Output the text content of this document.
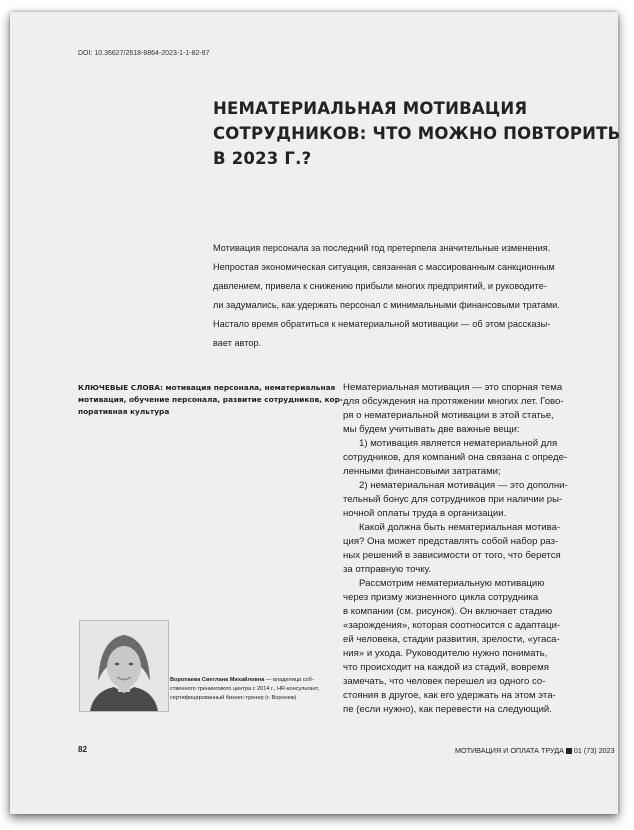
DOI: 10.36627/2618-8864-2023-1-1-82-87
НЕМАТЕРИАЛЬНАЯ МОТИВАЦИЯ
СОТРУДНИКОВ: ЧТО МОЖНО ПОВТОРИТЬ
В 2023 Г.?
Мотивация персонала за последний год претерпела значительные изменения.
Непростая экономическая ситуация, связанная с массированным санкционным
давлением, привела к снижению прибыли многих предприятий, и руководите-
ли задумались, как удержать персонал с минимальными финансовыми тратами.
Настало время обратиться к нематериальной мотивации — об этом рассказы-
вает автор.
КЛЮЧЕВЫЕ СЛОВА: мотивация персонала, нематериальная
мотивация, обучение персонала, развитие сотрудников, кор-
поративная культура
Нематериальная мотивация — это спорная тема
для обсуждения на протяжении многих лет. Гово-
ря о нематериальной мотивации в этой статье,
мы будем учитывать две важные вещи:
1) мотивация является нематериальной для
сотрудников, для компаний она связана с опреде-
ленными финансовыми затратами;
2) нематериальная мотивация — это дополни-
тельный бонус для сотрудников при наличии ры-
ночной оплаты труда в организации.
Какой должна быть нематериальная мотива-
ция? Она может представлять собой набор раз-
ных решений в зависимости от того, что берется
за отправную точку.
Рассмотрим нематериальную мотивацию
через призму жизненного цикла сотрудника
в компании (см. рисунок). Он включает стадию
«зарождения», которая соотносится с адаптаци-
ей человека, стадии развития, зрелости, «угаса-
ния» и ухода. Руководителю нужно понимать,
что происходит на каждой из стадий, вовремя
замечать, что человек перешел из одного со-
стояния в другое, как его удержать на этом эта-
пе (если нужно), как перевести на следующий.
Воропаева Светлана Михайловна — владелица соб-
ственного тренингового центра с 2014 г., HR-консультант,
сертифицированный бизнес-тренер (г. Воронеж)
82	МОТИВАЦИЯ И ОПЛАТА ТРУДА 01 (73) 2023
